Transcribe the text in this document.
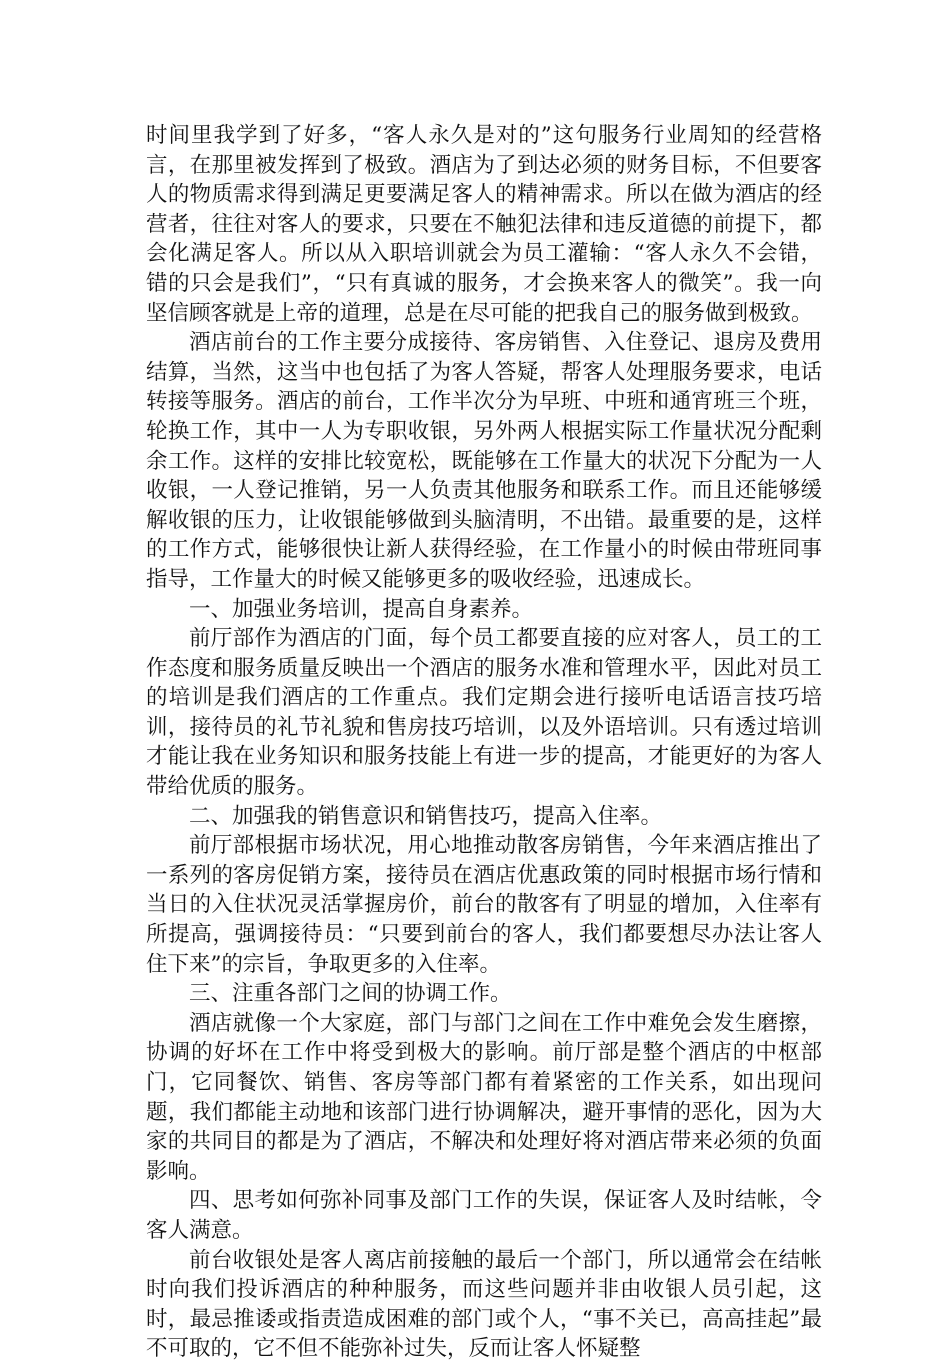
时间里我学到了好多，“客人永久是对的”这句服务行业周知的经营格言，在那里被发挥到了极致。酒店为了到达必须的财务目标，不但要客人的物质需求得到满足更要满足客人的精神需求。所以在做为酒店的经营者，往往对客人的要求，只要在不触犯法律和违反道德的前提下，都会化满足客人。所以从入职培训就会为员工灌输：“客人永久不会错，错的只会是我们”，“只有真诚的服务，才会换来客人的微笑”。我一向坚信顾客就是上帝的道理，总是在尽可能的把我自己的服务做到极致。

酒店前台的工作主要分成接待、客房销售、入住登记、退房及费用结算，当然，这当中也包括了为客人答疑，帮客人处理服务要求，电话转接等服务。酒店的前台，工作半次分为早班、中班和通宵班三个班，轮换工作，其中一人为专职收银，另外两人根据实际工作量状况分配剩余工作。这样的安排比较宽松，既能够在工作量大的状况下分配为一人收银，一人登记推销，另一人负责其他服务和联系工作。而且还能够缓解收银的压力，让收银能够做到头脑清明，不出错。最重要的是，这样的工作方式，能够很快让新人获得经验，在工作量小的时候由带班同事指导，工作量大的时候又能够更多的吸收经验，迅速成长。

一、加强业务培训，提高自身素养。

前厅部作为酒店的门面，每个员工都要直接的应对客人，员工的工作态度和服务质量反映出一个酒店的服务水准和管理水平，因此对员工的培训是我们酒店的工作重点。我们定期会进行接听电话语言技巧培训，接待员的礼节礼貌和售房技巧培训，以及外语培训。只有透过培训才能让我在业务知识和服务技能上有进一步的提高，才能更好的为客人带给优质的服务。

二、加强我的销售意识和销售技巧，提高入住率。

前厅部根据市场状况，用心地推动散客房销售，今年来酒店推出了一系列的客房促销方案，接待员在酒店优惠政策的同时根据市场行情和当日的入住状况灵活掌握房价，前台的散客有了明显的增加，入住率有所提高，强调接待员：“只要到前台的客人，我们都要想尽办法让客人住下来”的宗旨，争取更多的入住率。

三、注重各部门之间的协调工作。

酒店就像一个大家庭，部门与部门之间在工作中难免会发生磨擦，协调的好坏在工作中将受到极大的影响。前厅部是整个酒店的中枢部门，它同餐饮、销售、客房等部门都有着紧密的工作关系，如出现问题，我们都能主动地和该部门进行协调解决，避开事情的恶化，因为大家的共同目的都是为了酒店，不解决和处理好将对酒店带来必须的负面影响。

四、思考如何弥补同事及部门工作的失误，保证客人及时结帐，令客人满意。

前台收银处是客人离店前接触的最后一个部门，所以通常会在结帐时向我们投诉酒店的种种服务，而这些问题并非由收银人员引起，这时，最忌推诿或指责造成困难的部门或个人，“事不关已，高高挂起”最不可取的，它不但不能弥补过失，反而让客人怀疑整
